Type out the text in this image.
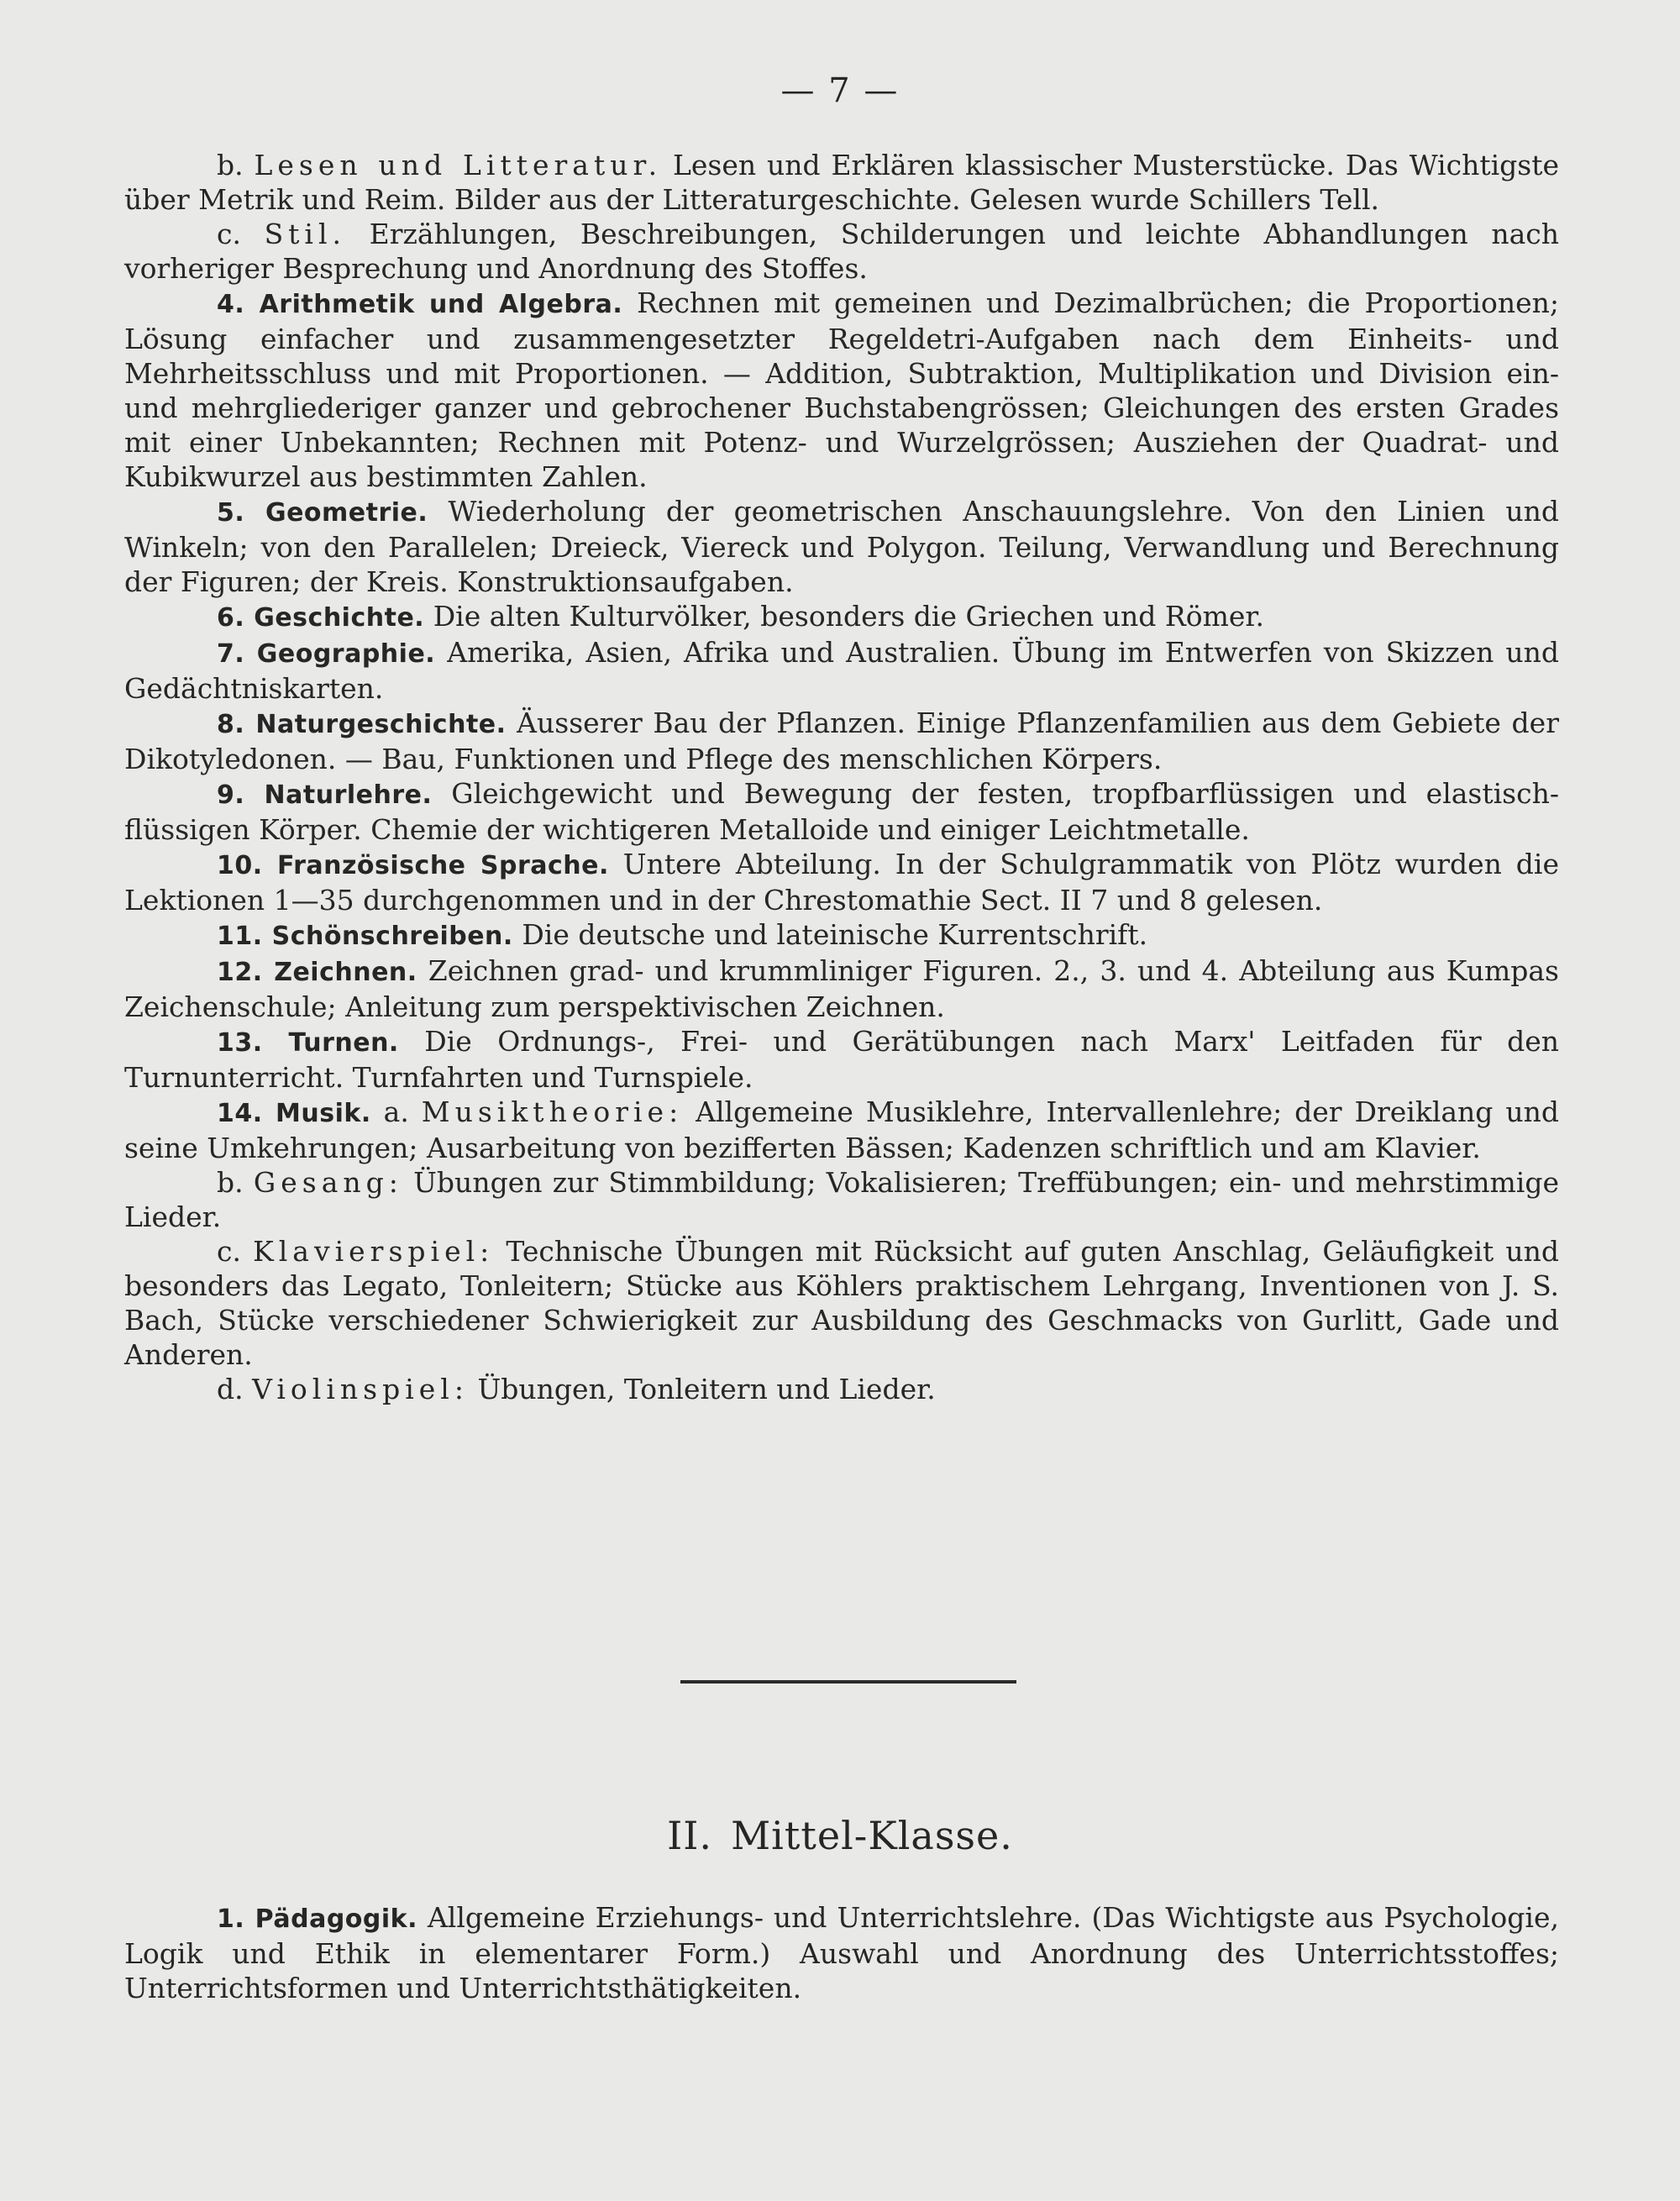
— 7 —

b. Lesen und Litteratur. Lesen und Erklären klassischer Musterstücke. Das Wichtigste über Metrik und Reim. Bilder aus der Litteraturgeschichte. Gelesen wurde Schillers Tell.

c. Stil. Erzählungen, Beschreibungen, Schilderungen und leichte Abhandlungen nach vorheriger Besprechung und Anordnung des Stoffes.

4. Arithmetik und Algebra. Rechnen mit gemeinen und Dezimalbrüchen; die Proportionen; Lösung einfacher und zusammengesetzter Regeldetri-Aufgaben nach dem Einheits- und Mehrheitsschluss und mit Proportionen. — Addition, Subtraktion, Multiplikation und Division ein- und mehrgliederiger ganzer und gebrochener Buchstabengrössen; Gleichungen des ersten Grades mit einer Unbekannten; Rechnen mit Potenz- und Wurzelgrössen; Ausziehen der Quadrat- und Kubikwurzel aus bestimmten Zahlen.

5. Geometrie. Wiederholung der geometrischen Anschauungslehre. Von den Linien und Winkeln; von den Parallelen; Dreieck, Viereck und Polygon. Teilung, Verwandlung und Berechnung der Figuren; der Kreis. Konstruktionsaufgaben.

6. Geschichte. Die alten Kulturvölker, besonders die Griechen und Römer.

7. Geographie. Amerika, Asien, Afrika und Australien. Übung im Entwerfen von Skizzen und Gedächtniskarten.

8. Naturgeschichte. Äusserer Bau der Pflanzen. Einige Pflanzenfamilien aus dem Gebiete der Dikotyledonen. — Bau, Funktionen und Pflege des menschlichen Körpers.

9. Naturlehre. Gleichgewicht und Bewegung der festen, tropfbarflüssigen und elastisch-flüssigen Körper. Chemie der wichtigeren Metalloide und einiger Leichtmetalle.

10. Französische Sprache. Untere Abteilung. In der Schulgrammatik von Plötz wurden die Lektionen 1—35 durchgenommen und in der Chrestomathie Sect. II 7 und 8 gelesen.

11. Schönschreiben. Die deutsche und lateinische Kurrentschrift.

12. Zeichnen. Zeichnen grad- und krummliniger Figuren. 2., 3. und 4. Abteilung aus Kumpas Zeichenschule; Anleitung zum perspektivischen Zeichnen.

13. Turnen. Die Ordnungs-, Frei- und Gerätübungen nach Marx' Leitfaden für den Turnunterricht. Turnfahrten und Turnspiele.

14. Musik. a. Musiktheorie: Allgemeine Musiklehre, Intervallenlehre; der Dreiklang und seine Umkehrungen; Ausarbeitung von bezifferten Bässen; Kadenzen schriftlich und am Klavier.

b. Gesang: Übungen zur Stimmbildung; Vokalisieren; Treffübungen; ein- und mehrstimmige Lieder.

c. Klavierspiel: Technische Übungen mit Rücksicht auf guten Anschlag, Geläufigkeit und besonders das Legato, Tonleitern; Stücke aus Köhlers praktischem Lehrgang, Inventionen von J. S. Bach, Stücke verschiedener Schwierigkeit zur Ausbildung des Geschmacks von Gurlitt, Gade und Anderen.

d. Violinspiel: Übungen, Tonleitern und Lieder.

II. Mittel-Klasse.

1. Pädagogik. Allgemeine Erziehungs- und Unterrichtslehre. (Das Wichtigste aus Psychologie, Logik und Ethik in elementarer Form.) Auswahl und Anordnung des Unterrichtsstoffes; Unterrichtsformen und Unterrichtsthätigkeiten.
